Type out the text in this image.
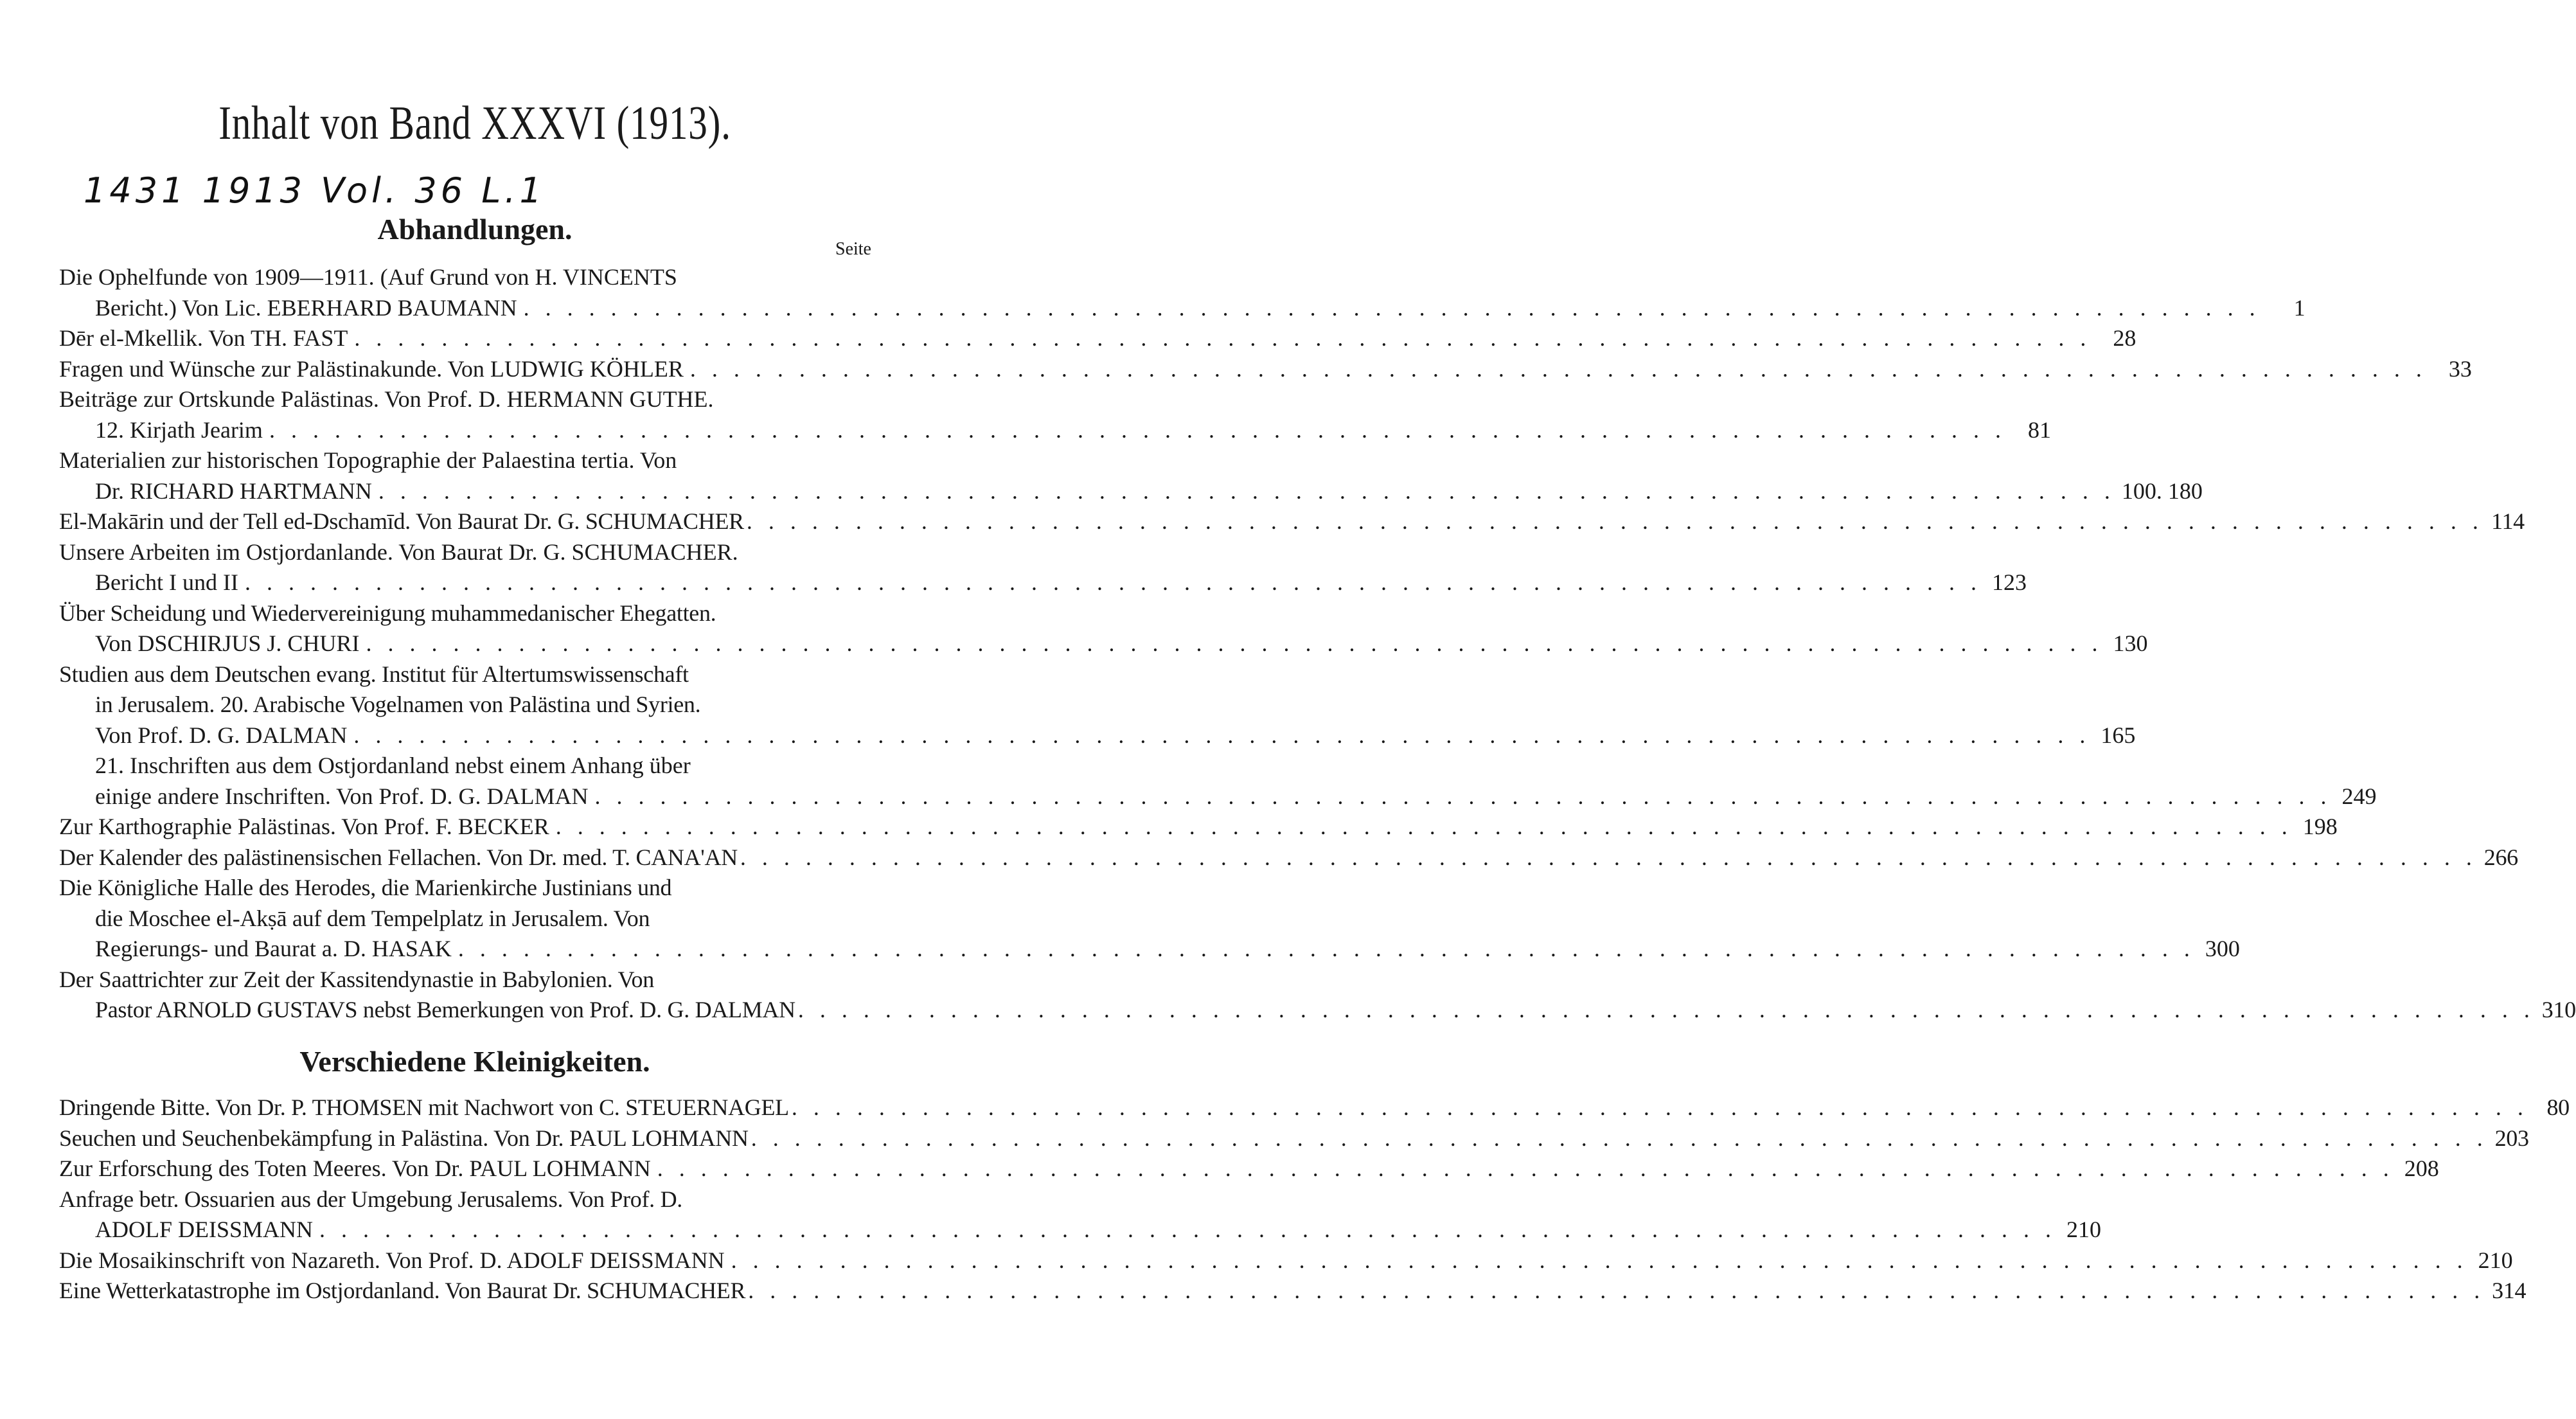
Inhalt von Band XXXVI (1913).
1431 1913 Vol. 36 L.1
Abhandlungen.
Seite
Die Ophelfunde von 1909—1911. (Auf Grund von H. VINCENTS
Bericht.) Von Lic. EBERHARD BAUMANN . . .	1
Dēr el-Mkellik. Von TH. FAST . . .	28
Fragen und Wünsche zur Palästinakunde. Von LUDWIG KÖHLER . . .	33
Beiträge zur Ortskunde Palästinas. Von Prof. D. HERMANN GUTHE.
12. Kirjath Jearim . . .	81
Materialien zur historischen Topographie der Palaestina tertia. Von
Dr. RICHARD HARTMANN . . .	100. 180
El-Makārin und der Tell ed-Dschamīd. Von Baurat Dr. G. SCHUMACHER . . .	114
Unsere Arbeiten im Ostjordanlande. Von Baurat Dr. G. SCHUMACHER.
Bericht I und II . . .	123
Über Scheidung und Wiedervereinigung muhammedanischer Ehegatten.
Von DSCHIRJUS J. CHURI . . .	130
Studien aus dem Deutschen evang. Institut für Altertumswissenschaft
in Jerusalem. 20. Arabische Vogelnamen von Palästina und Syrien.
Von Prof. D. G. DALMAN . . .	165
21. Inschriften aus dem Ostjordanland nebst einem Anhang über
einige andere Inschriften. Von Prof. D. G. DALMAN . . .	249
Zur Karthographie Palästinas. Von Prof. F. BECKER . . .	198
Der Kalender des palästinensischen Fellachen. Von Dr. med. T. CANA'AN . . .	266
Die Königliche Halle des Herodes, die Marienkirche Justinians und
die Moschee el-Akṣā auf dem Tempelplatz in Jerusalem. Von
Regierungs- und Baurat a. D. HASAK . . .	300
Der Saattrichter zur Zeit der Kassitendynastie in Babylonien. Von
Pastor ARNOLD GUSTAVS nebst Bemerkungen von Prof. D. G. DALMAN . . .	310
Verschiedene Kleinigkeiten.
Dringende Bitte. Von Dr. P. THOMSEN mit Nachwort von C. STEUERNAGEL . . .	80
Seuchen und Seuchenbekämpfung in Palästina. Von Dr. PAUL LOHMANN . . .	203
Zur Erforschung des Toten Meeres. Von Dr. PAUL LOHMANN . . .	208
Anfrage betr. Ossuarien aus der Umgebung Jerusalems. Von Prof. D.
ADOLF DEISSMANN . . .	210
Die Mosaikinschrift von Nazareth. Von Prof. D. ADOLF DEISSMANN . . .	210
Eine Wetterkatastrophe im Ostjordanland. Von Baurat Dr. SCHUMACHER . . .	314
